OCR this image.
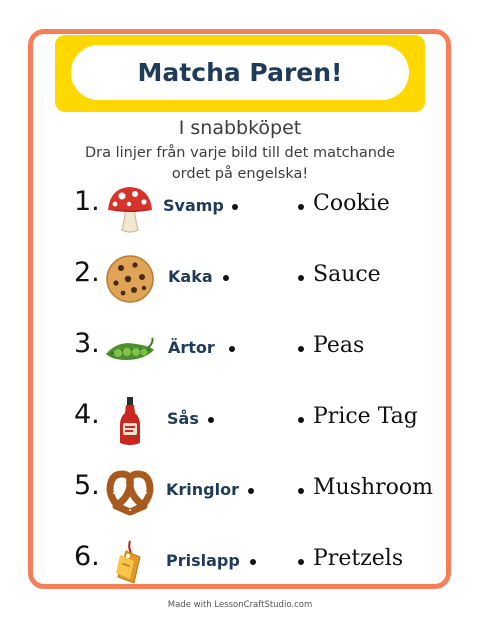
Matcha Paren!
I snabbköpet
Dra linjer från varje bild till det matchande
ordet på engelska!
1.	Svamp	Cookie
2.	Kaka	Sauce
3.	Ärtor	Peas
4.	Sås	Price Tag
5.	Kringlor	Mushroom
6.	Prislapp	Pretzels
Made with LessonCraftStudio.com
